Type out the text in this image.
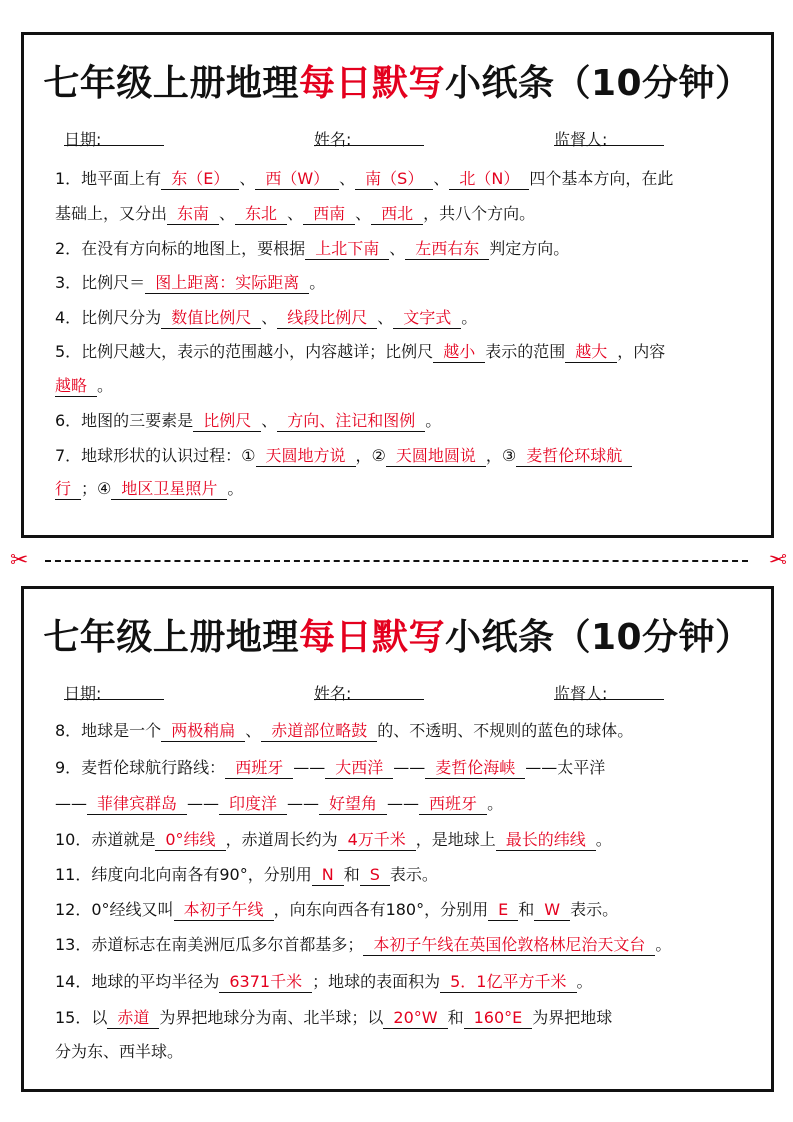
七年级上册地理每日默写小纸条（10分钟）
日期:	姓名:	监督人:
1．地平面上有 东（E） 、 西（W） 、 南（S） 、 北（N） 四个基本方向，在此
基础上，又分出 东南 、 东北 、 西南 、 西北 ，共八个方向。
2．在没有方向标的地图上，要根据 上北下南 、 左西右东 判定方向。
3．比例尺＝ 图上距离：实际距离 。
4．比例尺分为 数值比例尺 、 线段比例尺 、 文字式 。
5．比例尺越大，表示的范围越小，内容越详；比例尺 越小 表示的范围 越大 ，内容
越略 。
6．地图的三要素是 比例尺 、 方向、注记和图例 。
7．地球形状的认识过程：① 天圆地方说 ，② 天圆地圆说 ，③ 麦哲伦环球航
行 ；④ 地区卫星照片 。
✂	✂
七年级上册地理每日默写小纸条（10分钟）
日期:	姓名:	监督人:
8．地球是一个 两极稍扁 、 赤道部位略鼓 的、不透明、不规则的蓝色的球体。
9．麦哲伦球航行路线： 西班牙 —— 大西洋 —— 麦哲伦海峡 ——太平洋
—— 菲律宾群岛 —— 印度洋 —— 好望角 —— 西班牙 。
10．赤道就是 0°纬线 ，赤道周长约为 4万千米 ，是地球上 最长的纬线 。
11．纬度向北向南各有90°，分别用 N 和 S 表示。
12．0°经线又叫 本初子午线 ，向东向西各有180°，分别用 E 和 W 表示。
13．赤道标志在南美洲厄瓜多尔首都基多； 本初子午线在英国伦敦格林尼治天文台 。
14．地球的平均半径为 6371千米 ；地球的表面积为 5．1亿平方千米 。
15．以 赤道 为界把地球分为南、北半球；以 20°W 和 160°E 为界把地球
分为东、西半球。
